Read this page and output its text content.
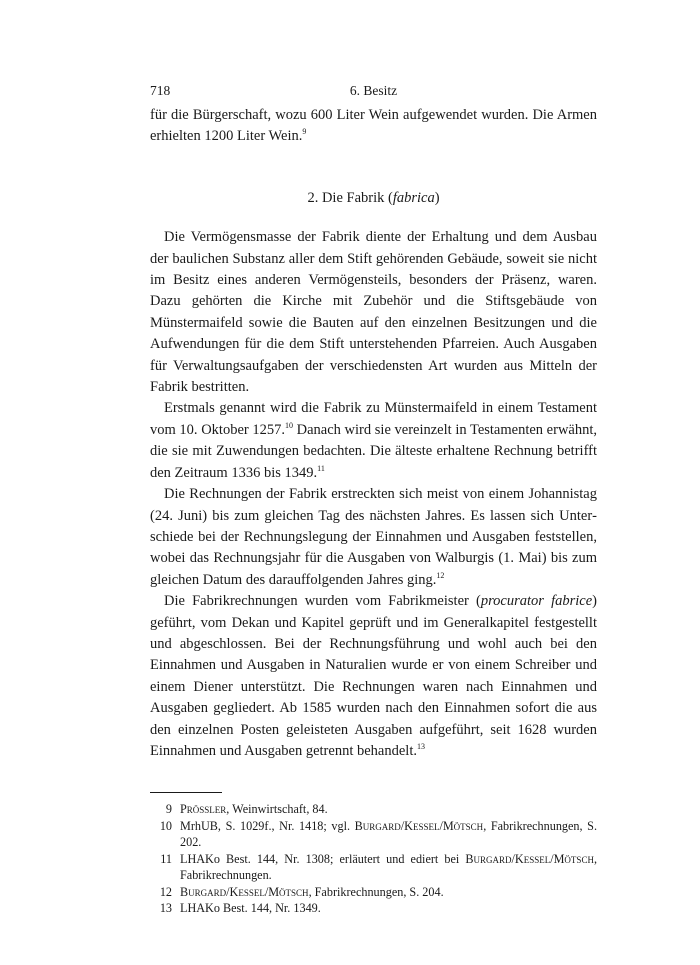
718	6. Besitz

für die Bürgerschaft, wozu 600 Liter Wein aufgewendet wurden. Die Armen erhielten 1200 Liter Wein.$^9$

2. Die Fabrik (fabrica)

Die Vermögensmasse der Fabrik diente der Erhaltung und dem Ausbau der baulichen Substanz aller dem Stift gehörenden Gebäude, soweit sie nicht im Besitz eines anderen Vermögensteils, besonders der Präsenz, waren. Dazu gehörten die Kirche mit Zubehör und die Stiftsgebäude von Münstermaifeld sowie die Bauten auf den einzelnen Besitzungen und die Aufwendungen für die dem Stift unterstehenden Pfarreien. Auch Ausgaben für Verwaltungsaufgaben der verschiedensten Art wurden aus Mitteln der Fabrik bestritten.

Erstmals genannt wird die Fabrik zu Münstermaifeld in einem Testament vom 10. Oktober 1257.10 Danach wird sie vereinzelt in Testamenten erwähnt, die sie mit Zuwendungen bedachten. Die älteste erhaltene Rechnung betrifft den Zeitraum 1336 bis 1349.11

Die Rechnungen der Fabrik erstreckten sich meist von einem Johannistag (24. Juni) bis zum gleichen Tag des nächsten Jahres. Es lassen sich Unterschiede bei der Rechnungslegung der Einnahmen und Ausgaben feststellen, wobei das Rechnungsjahr für die Ausgaben von Walburgis (1. Mai) bis zum gleichen Datum des darauffolgenden Jahres ging.$^{12}$

Die Fabrikrechnungen wurden vom Fabrikmeister (procurator fabrice) geführt, vom Dekan und Kapitel geprüft und im Generalkapitel festgestellt und abgeschlossen. Bei der Rechnungsführung und wohl auch bei den Einnahmen und Ausgaben in Naturalien wurde er von einem Schreiber und einem Diener unterstützt. Die Rechnungen waren nach Einnahmen und Ausgaben gegliedert. Ab 1585 wurden nach den Einnahmen sofort die aus den einzelnen Posten geleisteten Ausgaben aufgeführt, seit 1628 wurden Einnahmen und Ausgaben getrennt behandelt.$^{13}$

9 Prössler, Weinwirtschaft, 84.
10 MrhUB, S. 1029f., Nr. 1418; vgl. Burgard/Kessel/Mötsch, Fabrikrechnungen, S. 202.
11 LHAKo Best. 144, Nr. 1308; erläutert und ediert bei Burgard/Kessel/Mötsch, Fabrikrechnungen.
12 Burgard/Kessel/Mötsch, Fabrikrechnungen, S. 204.
13 LHAKo Best. 144, Nr. 1349.
